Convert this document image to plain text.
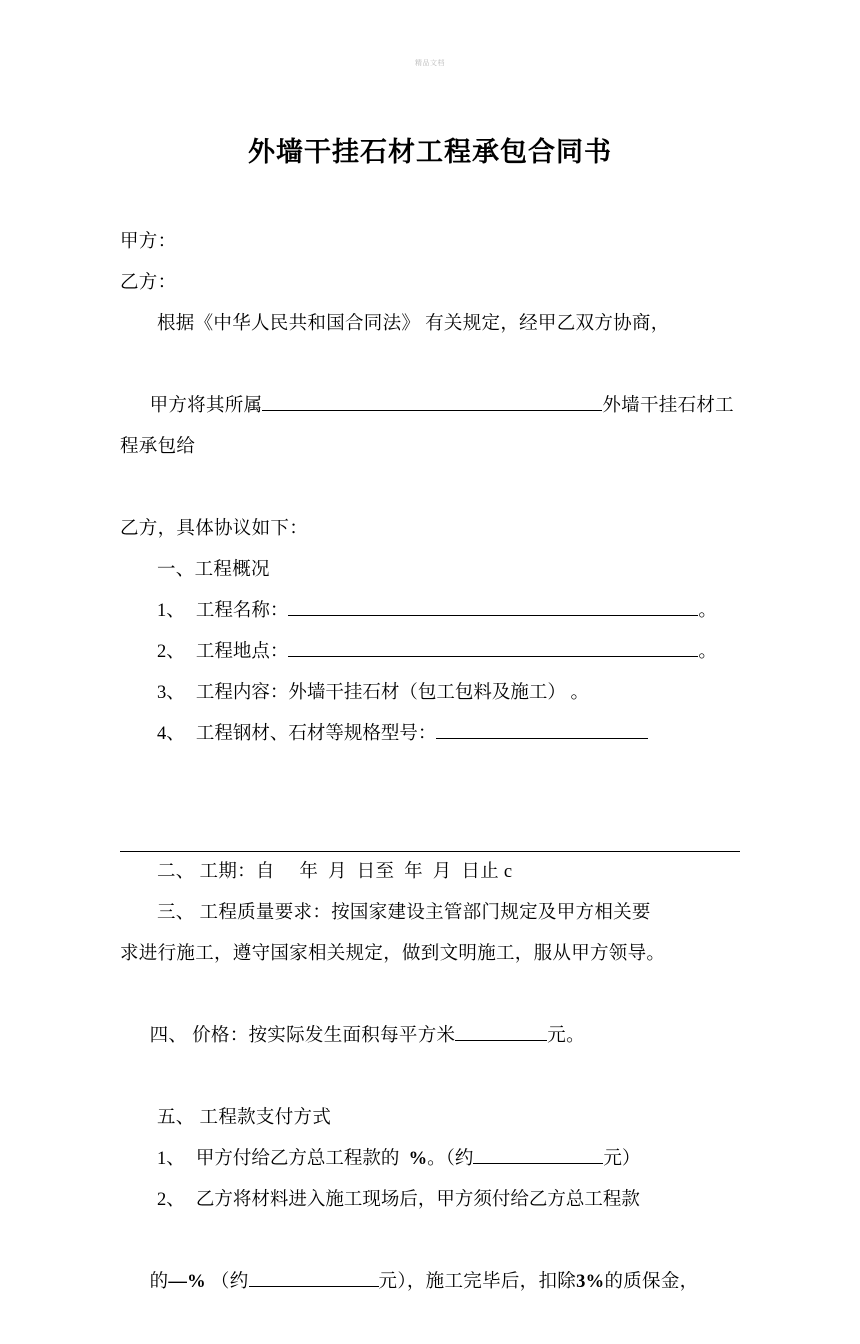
精品文档
外墙干挂石材工程承包合同书
甲方：
乙方：
根据《中华人民共和国合同法》 有关规定，经甲乙双方协商，

甲方将其所属	外墙干挂石材工程承包给

乙方，具体协议如下：
一、工程概况
1、 工程名称：	。
2、 工程地点：	。
3、 工程内容：外墙干挂石材（包工包料及施工） 。
4、 工程钢材、石材等规格型号：
二、 工期：自     年  月  日至  年  月  日止 c
三、 工程质量要求：按国家建设主管部门规定及甲方相关要
求进行施工，遵守国家相关规定，做到文明施工，服从甲方领导。

四、 价格：按实际发生面积每平方米	元。

五、 工程款支付方式
1、 甲方付给乙方总工程款的 %。（约	元）
2、 乙方将材料进入施工现场后，甲方须付给乙方总工程款

的—% （约	元），施工完毕后，扣除3%的质保金，
